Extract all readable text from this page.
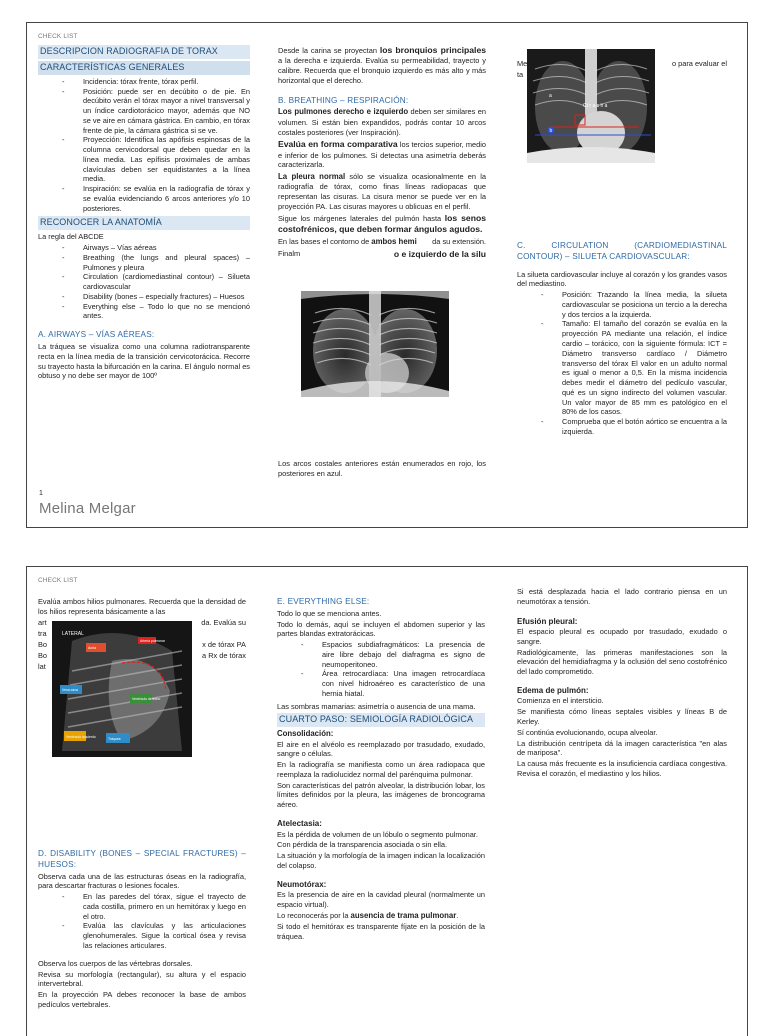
CHECK LIST
DESCRIPCION RADIOGRAFIA DE TORAX
CARACTERÍSTICAS GENERALES
- Incidencia: tórax frente, tórax perfil.
- Posición: puede ser en decúbito o de pie. En decúbito verán el tórax mayor a nivel transversal y un índice cardiotorácico mayor, además que NO se ve aire en cámara gástrica. En cambio, en tórax frente de pie, la cámara gástrica si se ve.
- Proyección: Identifica las apófisis espinosas de la columna cervicodorsal que deben quedar en la línea media. Las epífisis proximales de ambas clavículas deben ser equidistantes a la línea media.
- Inspiración: se evalúa en la radiografía de tórax y se evalúa evidenciando 6 arcos anteriores y/o 10 posteriores.
RECONOCER LA ANATOMÍA
La regla del ABCDE
- Airways – Vías aéreas
- Breathing (the lungs and pleural spaces) – Pulmones y pleura
- Circulation (cardiomediastinal contour) – Silueta cardiovascular
- Disability (bones – especially fractures) – Huesos
- Everything else – Todo lo que no se mencionó antes.
A. AIRWAYS – VÍAS AÉREAS:
La tráquea se visualiza como una columna radiotransparente recta en la línea media de la transición cervicotorácica. Recorre su trayecto hasta la bifurcación en la carina. El ángulo normal es obtuso y no debe ser mayor de 100º
Desde la carina se proyectan los bronquios principales a la derecha e izquierda. Evalúa su permeabilidad, trayecto y calibre. Recuerda que el bronquio izquierdo es más alto y más horizontal que el derecho.
B. BREATHING – RESPIRACIÓN:
Los pulmones derecho e izquierdo deben ser similares en volumen. Si están bien expandidos, podrás contar 10 arcos costales posteriores (ver Inspiración).
Evalúa en forma comparativa los tercios superior, medio e inferior de los pulmones. Si detectas una asimetría deberás caracterizarla.
La pleura normal sólo se visualiza ocasionalmente en la radiografía de tórax, como finas líneas radiopacas que representan las cisuras. La cisura menor se puede ver en la proyección PA. Las cisuras mayores u oblicuas en el perfil.
Sigue los márgenes laterales del pulmón hasta los senos costofrénicos, que deben formar ángulos agudos.
En las bases el contorno de ambos hemi da su extensión.
Finalm	o e izquierdo de la silu
Los arcos costales anteriores están enumerados en rojo, los posteriores en azul.
Me	o para evaluar el
ta
Ct r a c h a
a
b
C. CIRCULATION (CARDIOMEDIASTINAL CONTOUR) – SILUETA CARDIOVASCULAR:
La silueta cardiovascular incluye al corazón y los grandes vasos del mediastino.
- Posición: Trazando la línea media, la silueta cardiovascular se posiciona un tercio a la derecha y dos tercios a la izquierda.
- Tamaño: El tamaño del corazón se evalúa en la proyección PA mediante una relación, el índice cardio – torácico, con la siguiente fórmula: ICT = Diámetro transverso cardíaco / Diámetro transverso del tórax El valor en un adulto normal es igual o menor a 0,5. En la misma incidencia debes medir el diámetro del pedículo vascular, qué es un signo indirecto del volumen vascular. Un valor mayor de 85 mm es patológico en el 80% de los casos.
- Comprueba que el botón aórtico se encuentra a la izquierda.
1
Melina Melgar
CHECK LIST
Evalúa ambos hilios pulmonares. Recuerda que la densidad de los hilios representa básicamente a las
art	da. Evalúa su
tra
Bo	x de tórax PA
Bo	a Rx de tórax
lat
LATERAL
Aorta
Arteria pulmonar
Vena cava
Ventrículo derecho
Ventrículo izquierdo	Tráquea
D. DISABILITY (BONES – SPECIAL FRACTURES) – HUESOS:
Observa cada una de las estructuras óseas en la radiografía, para descartar fracturas o lesiones focales.
- En las paredes del tórax, sigue el trayecto de cada costilla, primero en un hemitórax y luego en el otro.
- Evalúa las clavículas y las articulaciones glenohumerales. Sigue la cortical ósea y revisa las relaciones articulares.
Observa los cuerpos de las vértebras dorsales.
Revisa su morfología (rectangular), su altura y el espacio intervertebral.
En la proyección PA debes reconocer la base de ambos pedículos vertebrales.
E. EVERYTHING ELSE:
Todo lo que se menciona antes.
Todo lo demás, aquí se incluyen el abdomen superior y las partes blandas extratorácicas.
- Espacios subdiafragmáticos: La presencia de aire libre debajo del diafragma es signo de neumoperitoneo.
- Área retrocardíaca: Una imagen retrocardíaca con nivel hidroaéreo es característico de una hernia hiatal.
Las sombras mamarias: asimetría o ausencia de una mama.
CUARTO PASO: SEMIOLOGÍA RADIOLÓGICA
Consolidación:
El aire en el alvéolo es reemplazado por trasudado, exudado, sangre o células.
En la radiografía se manifiesta como un área radiopaca que reemplaza la radiolucidez normal del parénquima pulmonar.
Son características del patrón alveolar, la distribución lobar, los límites definidos por la pleura, las imágenes de broncograma aéreo.
Atelectasia:
Es la pérdida de volumen de un lóbulo o segmento pulmonar.
Con pérdida de la transparencia asociada o sin ella.
La situación y la morfología de la imagen indican la localización del colapso.
Neumotórax:
Es la presencia de aire en la cavidad pleural (normalmente un espacio virtual).
Lo reconocerás por la ausencia de trama pulmonar.
Si todo el hemitórax es transparente fíjate en la posición de la tráquea.
Si está desplazada hacia el lado contrario piensa en un neumotórax a tensión.
Efusión pleural:
El espacio pleural es ocupado por trasudado, exudado o sangre.
Radiológicamente, las primeras manifestaciones son la elevación del hemidiafragma y la oclusión del seno costofrénico del lado comprometido.
Edema de pulmón:
Comienza en el intersticio.
Se manifiesta cómo líneas septales visibles y líneas B de Kerley.
Sí continúa evolucionando, ocupa alveolar.
La distribución centrípeta dá la imagen característica "en alas de mariposa".
La causa más frecuente es la insuficiencia cardíaca congestiva. Revisa el corazón, el mediastino y los hilios.
